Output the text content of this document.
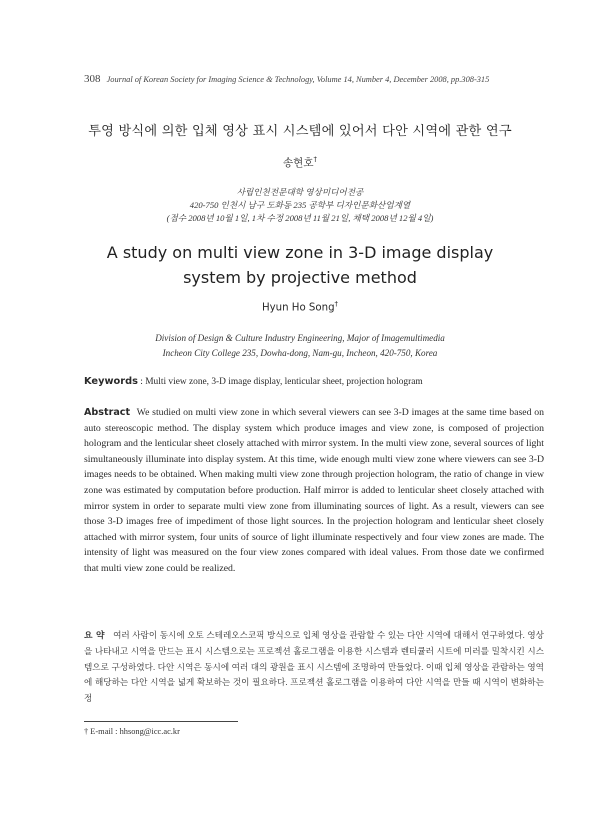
308 Journal of Korean Society for Imaging Science & Technology, Volume 14, Number 4, December 2008, pp.308-315
투영 방식에 의한 입체 영상 표시 시스템에 있어서 다안 시역에 관한 연구
송현호†
사립인천전문대학 영상미디어전공
420-750 인천시 남구 도화동 235 공학부 디자인문화산업계열
(접수 2008년 10월 1일, 1차 수정 2008년 11월 21일, 채택 2008년 12월 4일)
A study on multi view zone in 3-D image display
system by projective method
Hyun Ho Song†
Division of Design & Culture Industry Engineering, Major of Imagemultimedia
Incheon City College 235, Dowha-dong, Nam-gu, Incheon, 420-750, Korea
Keywords : Multi view zone, 3-D image display, lenticular sheet, projection hologram
Abstract We studied on multi view zone in which several viewers can see 3-D images at the same time based on auto stereoscopic method. The display system which produce images and view zone, is composed of projection hologram and the lenticular sheet closely attached with mirror system. In the multi view zone, several sources of light simultaneously illuminate into display system. At this time, wide enough multi view zone where viewers can see 3-D images needs to be obtained. When making multi view zone through projection hologram, the ratio of change in view zone was estimated by computation before production. Half mirror is added to lenticular sheet closely attached with mirror system in order to separate multi view zone from illuminating sources of light. As a result, viewers can see those 3-D images free of impediment of those light sources. In the projection hologram and lenticular sheet closely attached with mirror system, four units of source of light illuminate respectively and four view zones are made. The intensity of light was measured on the four view zones compared with ideal values. From those date we confirmed that multi view zone could be realized.
요 약 여러 사람이 동시에 오토 스테레오스코픽 방식으로 입체 영상을 관람할 수 있는 다안 시역에 대해서 연구하였다. 영상을 나타내고 시역을 만드는 표시 시스템으로는 프로젝션 홀로그램을 이용한 시스템과 렌티큘러 시트에 미러를 밀착시킨 시스템으로 구성하였다. 다안 시역은 동시에 여러 대의 광원을 표시 시스템에 조명하여 만들었다. 이때 입체 영상을 관람하는 영역에 해당하는 다안 시역을 넓게 확보하는 것이 필요하다. 프로젝션 홀로그램을 이용하여 다안 시역을 만들 때 시역이 변화하는 정
† E-mail : hhsong@icc.ac.kr
